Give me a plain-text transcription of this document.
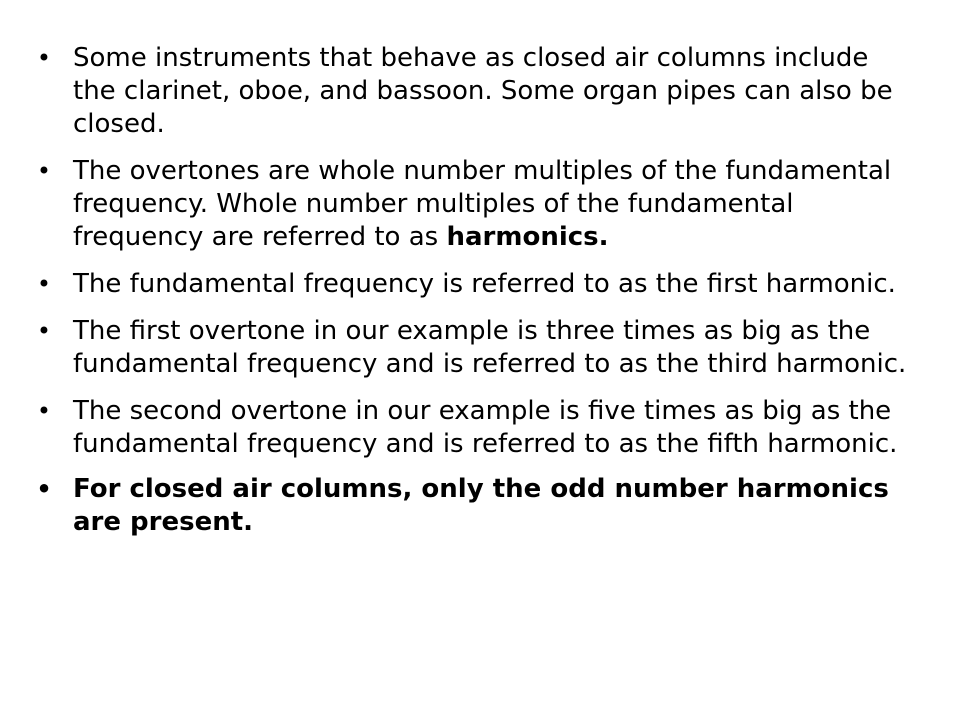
• Some instruments that behave as closed air columns include the clarinet, oboe, and bassoon. Some organ pipes can also be closed.
• The overtones are whole number multiples of the fundamental frequency. Whole number multiples of the fundamental frequency are referred to as harmonics.
• The fundamental frequency is referred to as the first harmonic.
• The first overtone in our example is three times as big as the fundamental frequency and is referred to as the third harmonic.
• The second overtone in our example is five times as big as the fundamental frequency and is referred to as the fifth harmonic.
• For closed air columns, only the odd number harmonics are present.
